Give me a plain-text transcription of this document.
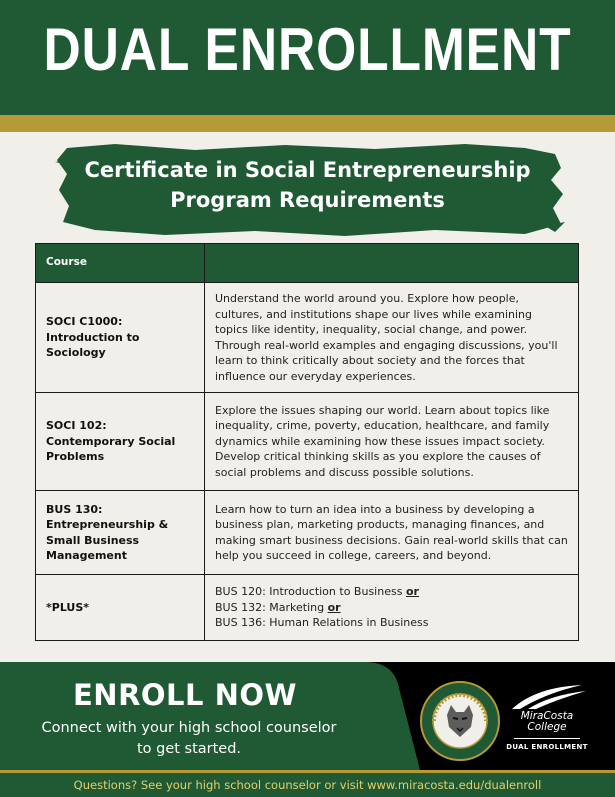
DUAL ENROLLMENT
Certificate in Social Entrepreneurship
Program Requirements
Course	
SOCI C1000: Introduction to Sociology	Understand the world around you. Explore how people, cultures, and institutions shape our lives while examining topics like identity, inequality, social change, and power. Through real-world examples and engaging discussions, you'll learn to think critically about society and the forces that influence our everyday experiences.
SOCI 102: Contemporary Social Problems	Explore the issues shaping our world. Learn about topics like inequality, crime, poverty, education, healthcare, and family dynamics while examining how these issues impact society. Develop critical thinking skills as you explore the causes of social problems and discuss possible solutions.
BUS 130: Entrepreneurship & Small Business Management	Learn how to turn an idea into a business by developing a business plan, marketing products, managing finances, and making smart business decisions. Gain real-world skills that can help you succeed in college, careers, and beyond.
*PLUS*	BUS 120: Introduction to Business or
BUS 132: Marketing or
BUS 136: Human Relations in Business
ENROLL NOW
Connect with your high school counselor
to get started.
MiraCosta
College
DUAL ENROLLMENT
Questions? See your high school counselor or visit www.miracosta.edu/dualenroll
